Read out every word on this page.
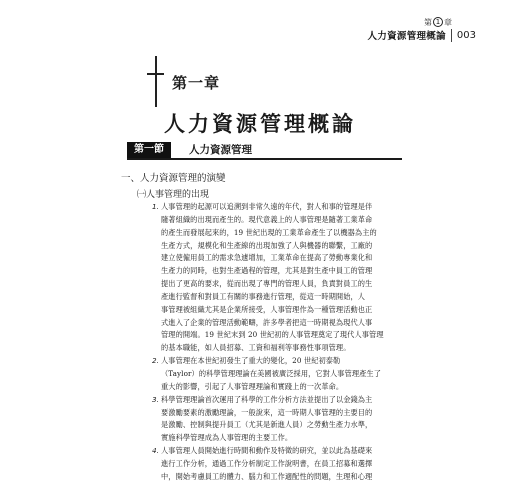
第 1 章
人力資源管理概論 003
第一章
人力資源管理概論
第一節	人力資源管理
一、人力資源管理的演變
㈠人事管理的出現
1. 人事管理的起源可以追溯到非常久遠的年代，對人和事的管理是伴
隨著組織的出現而產生的。現代意義上的人事管理是隨著工業革命
的產生而發展起來的，19 世紀出現的工業革命產生了以機器為主的
生產方式，規模化和生產線的出現加強了人與機器的聯繫，工廠的
建立使僱用員工的需求急遽增加，工業革命在提高了勞動專業化和
生產力的同時，也對生產過程的管理，尤其是對生產中員工的管理
提出了更高的要求，從而出現了專門的管理人員，負責對員工的生
產進行監督和對員工有關的事務進行管理，從這一時期開始，人
事管理被組織尤其是企業所接受，人事管理作為一種管理活動也正
式進入了企業的管理活動範疇，許多學者把這一時期視為現代人事
管理的開端。19 世紀末到 20 世紀初的人事管理奠定了現代人事管理
的基本職能，如人員招募、工資和福利等事務性事項管理。
2. 人事管理在本世紀初發生了重大的變化，20 世紀初泰勒
（Taylor）的科學管理理論在美國被廣泛採用，它對人事管理產生了
重大的影響，引起了人事管理理論和實踐上的一次革命。
3. 科學管理理論首次運用了科學的工作分析方法並提出了以金錢為主
要激勵要素的激勵理論，一般說來，這一時期人事管理的主要目的
是激勵、控制與提升員工（尤其是新進人員）之勞動生產力水準，
實施科學管理成為人事管理的主要工作。
4. 人事管理人員開始進行時間和動作及特徵的研究，並以此為基礎來
進行工作分析，通過工作分析制定工作說明書，在員工招募和選擇
中，開始考慮員工的體力、腦力和工作適配性的問題，生理和心理
